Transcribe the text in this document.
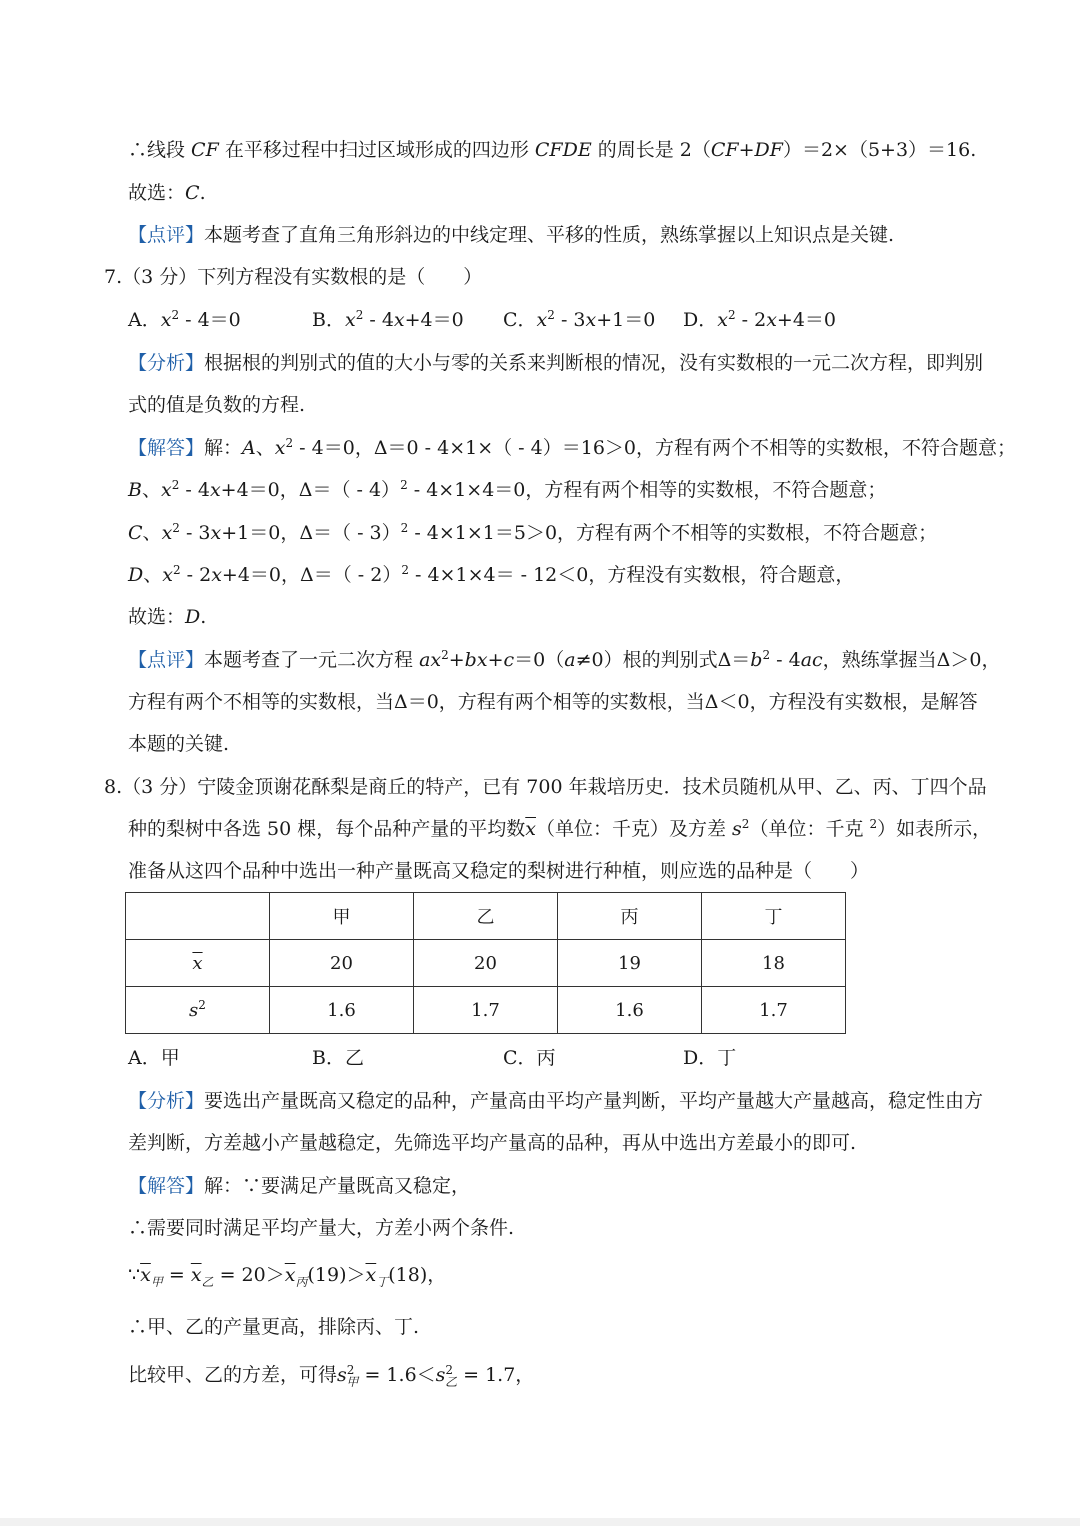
∴线段 CF 在平移过程中扫过区域形成的四边形 CFDE 的周长是 2（CF+DF）＝2×（5+3）＝16.
故选：C.
【点评】本题考查了直角三角形斜边的中线定理、平移的性质，熟练掌握以上知识点是关键.
7.（3 分）下列方程没有实数根的是（　　）
A．$x^2 - 4=0$	B．$x^2 - 4x+4=0$ C．$x^2 - 3x+1=0$ D．$x^2 - 2x+4=0$
【分析】根据根的判别式的值的大小与零的关系来判断根的情况，没有实数根的一元二次方程，即判别
式的值是负数的方程.
【解答】解：A、$x^2 - 4=0$，Δ＝0 - 4×1×（ - 4）＝16＞0，方程有两个不相等的实数根，不符合题意；
B、$x^2 - 4x+4=0$，Δ＝（ - 4）$^2$ - 4×1×4＝0，方程有两个相等的实数根，不符合题意；
C、$x^2 - 3x+1=0$，Δ＝（ - 3）$^2$ - 4×1×1＝5＞0，方程有两个不相等的实数根，不符合题意；
D、$x^2 - 2x+4=0$，Δ＝（ - 2）$^2$ - 4×1×4＝ - 12＜0，方程没有实数根，符合题意，
故选：D.
【点评】本题考查了一元二次方程 $ax^2+bx+c=0(a\ne 0)$根的判别式$\Delta=b^2 - 4ac$，熟练掌握当Δ＞0，
方程有两个不相等的实数根，当Δ＝0，方程有两个相等的实数根，当Δ＜0，方程没有实数根，是解答
本题的关键.
8.（3 分）宁陵金顶谢花酥梨是商丘的特产，已有 700 年栽培历史．技术员随机从甲、乙、丙、丁四个品
种的梨树中各选 50 棵，每个品种产量的平均数$\overline{x}$（单位：千克）及方差 $s^2$（单位：千克 $^2$）如表所示，
准备从这四个品种中选出一种产量既高又稳定的梨树进行种植，则应选的品种是（　　）
	甲	乙	丙	丁
$\overline{x}$	20	20	19	18
$s^2$	1.6	1.7	1.6	1.7
A．甲	B．乙	C．丙	D．丁
【分析】要选出产量既高又稳定的品种，产量高由平均产量判断，平均产量越大产量越高，稳定性由方
差判断，方差越小产量越稳定，先筛选平均产量高的品种，再从中选出方差最小的即可.
【解答】解：∵要满足产量既高又稳定，
∴需要同时满足平均产量大，方差小两个条件.
$\because\overline{x}_甲 = \overline{x}_乙 = 20>\overline{x}_丙(19)>\overline{x}_丁(18)$，
∴甲、乙的产量更高，排除丙、丁.
比较甲、乙的方差，可得$s^2_甲 = 1.6<s^2_乙 = 1.7$，
